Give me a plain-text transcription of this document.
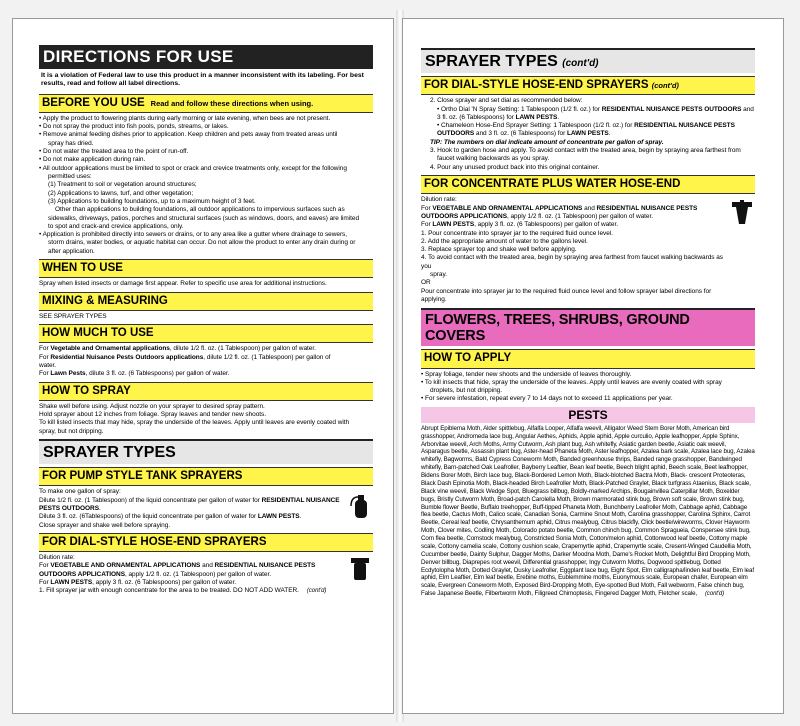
DIRECTIONS FOR USE
It is a violation of Federal law to use this product in a manner inconsistent with its labeling. For best results, read and follow all label directions.
BEFORE YOU USE Read and follow these directions when using.

• Apply the product to flowering plants during early morning or late evening, when bees are not present.

• Do not spray the product into fish pools, ponds, streams, or lakes.

• Remove animal feeding dishes prior to application. Keep children and pets away from treated areas until

spray has dried.

• Do not water the treated area to the point of run-off.

• Do not make application during rain.

• All outdoor applications must be limited to spot or crack and crevice treatments only, except for the following

permitted uses:

(1) Treatment to soil or vegetation around structures;

(2) Applications to lawns, turf, and other vegetation;

(3) Applications to building foundations, up to a maximum height of 3 feet.

Other than applications to building foundations, all outdoor applications to impervious surfaces such as

sidewalks, driveways, patios, porches and structural surfaces (such as windows, doors, and eaves) are limited

to spot and crack-and crevice applications, only.

• Application is prohibited directly into sewers or drains, or to any area like a gutter where drainage to sewers,

storm drains, water bodies, or aquatic habitat can occur. Do not allow the product to enter any drain during or

after application.

WHEN TO USE

Spray when listed insects or damage first appear. Refer to specific use area for additional instructions.

MIXING & MEASURING

SEE SPRAYER TYPES

HOW MUCH TO USE

For Vegetable and Ornamental applications, dilute 1/2 fl. oz. (1 Tablespoon) per gallon of water.

For Residential Nuisance Pests Outdoors applications, dilute 1/2 fl. oz. (1 Tablespoon) per gallon of

water.

For Lawn Pests, dilute 3 fl. oz. (6 Tablespoons) per gallon of water.

HOW TO SPRAY

Shake well before using. Adjust nozzle on your sprayer to desired spray pattern.

Hold sprayer about 12 inches from foliage. Spray leaves and tender new shoots.

To kill listed insects that may hide, spray the underside of the leaves. Apply until leaves are evenly coated with

spray, but not dripping.

SPRAYER TYPES
FOR PUMP STYLE TANK SPRAYERS

To make one gallon of spray:

Dilute 1/2 fl. oz. (1 Tablespoon) of the liquid concentrate per gallon of water for RESIDENTIAL NUISANCE

PESTS OUTDOORS.

Dilute 3 fl. oz. (6Tablespoons) of the liquid concentrate per gallon of water for LAWN PESTS.

Close sprayer and shake well before spraying.

FOR DIAL-STYLE HOSE-END SPRAYERS

Dilution rate:

For VEGETABLE AND ORNAMENTAL APPLICATIONS and RESIDENTIAL NUISANCE PESTS

OUTDOORS APPLICATIONS, apply 1/2 fl. oz. (1 Tablespoon) per gallon of water.

For LAWN PESTS, apply 3 fl. oz. (6 Tablespoons) per gallon of water.

1. Fill sprayer jar with enough concentrate for the area to be treated. DO NOT ADD WATER. (cont'd)

SPRAYER TYPES (cont'd)
FOR DIAL-STYLE HOSE-END SPRAYERS (cont'd)

2. Close sprayer and set dial as recommended below:

• Ortho Dial 'N Spray Setting: 1 Tablespoon (1/2 fl. oz.) for RESIDENTIAL NUISANCE PESTS OUTDOORS and

3 fl. oz. (6 Tablespoons) for LAWN PESTS.

• Chameleon Hose-End Sprayer Setting: 1 Tablespoon (1/2 fl. oz.) for RESIDENTIAL NUISANCE PESTS

OUTDOORS and 3 fl. oz. (6 Tablespoons) for LAWN PESTS.

TIP: The numbers on dial indicate amount of concentrate per gallon of spray.

3. Hook to garden hose and apply. To avoid contact with the treated area, begin by spraying area farthest from

faucet walking backwards as you spray.

4. Pour any unused product back into this original container.

FOR CONCENTRATE PLUS WATER HOSE-END

Dilution rate:

For VEGETABLE AND ORNAMENTAL APPLICATIONS and RESIDENTIAL NUISANCE PESTS

OUTDOORS APPLICATIONS, apply 1/2 fl. oz. (1 Tablespoon) per gallon of water.

For LAWN PESTS, apply 3 fl. oz. (6 Tablespoons) per gallon of water.

1. Pour concentrate into sprayer jar to the required fluid ounce level.

2. Add the appropriate amount of water to the gallons level.

3. Replace sprayer top and shake well before applying.

4. To avoid contact with the treated area, begin by spraying area farthest from faucet walking backwards as you

spray.

OR

Pour concentrate into sprayer jar to the required fluid ounce level and follow sprayer label directions for applying.

FLOWERS, TREES, SHRUBS, GROUND COVERS
HOW TO APPLY

• Spray foliage, tender new shoots and the underside of leaves thoroughly.

• To kill insects that hide, spray the underside of the leaves. Apply until leaves are evenly coated with spray

droplets, but not dripping.

• For severe infestation, repeat every 7 to 14 days not to exceed 11 applications per year.

PESTS
Abrupt Epiblema Moth, Alder spittlebug, Alfalfa Looper, Alfalfa weevil, Alligator Weed Stem Borer Moth, American bird grasshopper, Andromeda lace bug, Angular Aethes, Aphids, Apple aphid, Apple curculio, Apple leafhopper, Apple Sphinx, Arborvitae weevil, Arch Moths, Army Cutworm, Ash plant bug, Ash whitefly, Asiatic garden beetle, Asiatic oak weevil, Asparagus beetle, Assassin plant bug, Aster-head Phaneta Moth, Aster leafhopper, Azalea bark scale, Azalea lace bug, Azalea whitefly, Bagworms, Bald Cypress Coneworm Moth, Banded greenhouse thrips, Banded range grasshopper, Bandwinged whitefly, Barn-patched Oak Leafroller, Bayberry Leaftier, Bean leaf beetle, Beech blight aphid, Beech scale, Beet leafhopper, Bidens Borer Moth, Birch lace bug, Black-Bordered Lemon Moth, Black-blotched Bactra Moth, Black- crescent Proteoteras, Black Dash Epinotia Moth, Black-headed Birch Leafroller Moth, Black-Patched Graylet, Black turfgrass Ataenius, Black scale, Black vine weevil, Black Wedge Spot, Bluegrass billbug, Boldly-marked Archips, Bougainvillea Caterpillar Moth, Boxelder bugs, Bristly Cutworm Moth, Broad-patch Carolella Moth, Brown marmorated stink bug, Brown soft scale, Brown stink bug, Bumble flower Beetle, Buffalo treehopper, Buff-tipped Phaneta Moth, Bunchberry Leafroller Moth, Cabbage aphid, Cabbage flea beetle, Cactus Moth, Calico scale, Canadian Sonia, Carmine Snout Moth, Carolina grasshopper, Carolina Sphinx, Carrot Beetle, Cereal leaf beetle, Chrysanthemum aphid, Citrus mealybug, Citrus blackfly, Click beetle/wireworms, Clover Hayworm Moth, Clover mites, Codling Moth, Colorado potato beetle, Common chinch bug, Common Spragueia, Conspersee stink bug, Corn flea beetle, Comstock mealybug, Constricted Sonia Moth, Cotton/melon aphid, Cottonwood leaf beetle, Cottony maple scale, Cottony camelia scale, Cottony cushion scale, Crapemyrtle aphid, Crapemyrtle scale, Cresent-Winged Caudellia Moth, Cucumber beetle, Dainty Sulphur, Dagger Moths, Darker Moodna Moth, Dame's Rocket Moth, Delightful Bird Dropping Moth, Denver billbug, Diaprepes root weevil, Differential grasshopper, Ingy Cutworm Moths, Dogwood spittlebug, Dotted Ecdytolopha Moth, Dotted Graylet, Dusky Leafroller, Eggplant lace bug, Eight Spot, Elm calligrapha/linden leaf beetle, Elm leaf aphid, Elm Leaftier, Elm leaf beetle, Erebine moths, Eublemmine moths, Euonymous scale, European chafer, European elm scale, Evergreen Coneworm Moth, Exposed Bird-Dropping Moth, Eye-spotted Bud Moth, Fall webworm, False chinch bug, False Japanese Beetle, Filbertworm Moth, Filigreed Chimoptesis, Fingered Dagger Moth, Fletcher scale, (cont'd)
